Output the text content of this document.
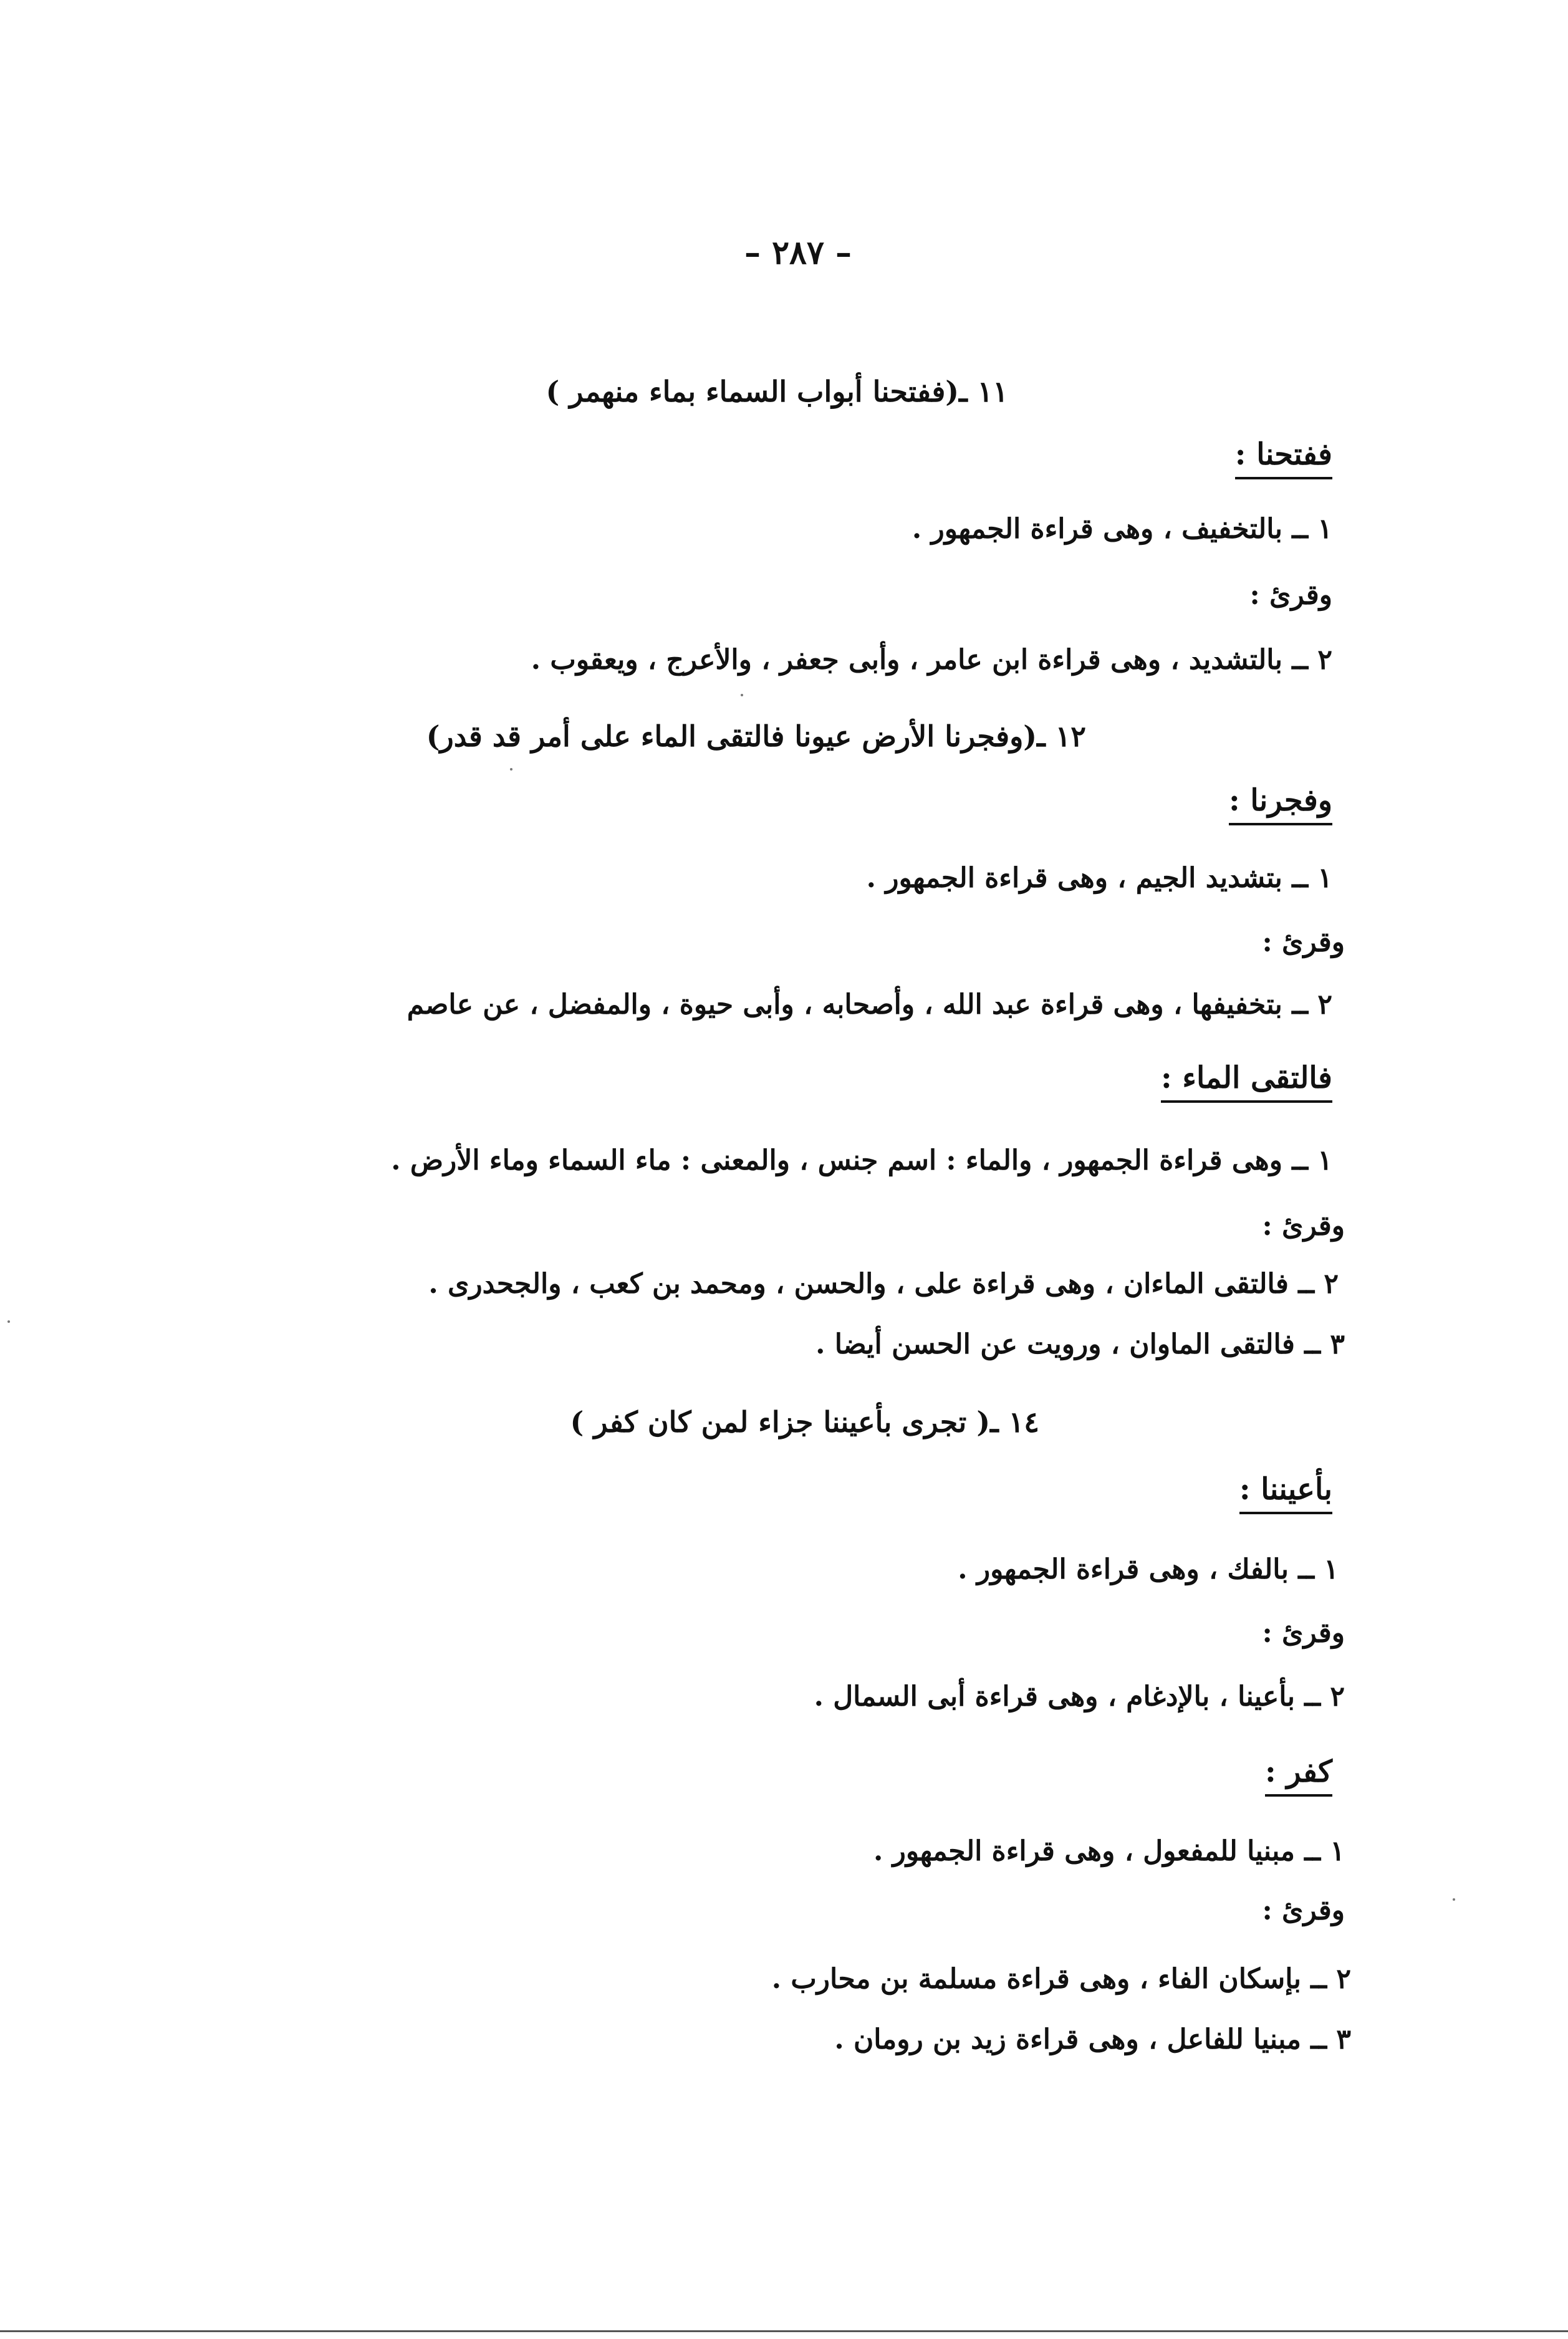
– ٢٨٧ –
١١ ـ(ففتحنا أبواب السماء بماء منهمر )
ففتحنا :
١ ــ بالتخفيف ، وهى قراءة الجمهور .
وقرئ :
٢ ــ بالتشديد ، وهى قراءة ابن عامر ، وأبى جعفر ، والأعرج ، ويعقوب .
١٢ ـ(وفجرنا الأرض عيونا فالتقى الماء على أمر قد قدر)
وفجرنا :
١ ــ بتشديد الجيم ، وهى قراءة الجمهور .
وقرئ :
٢ ــ بتخفيفها ، وهى قراءة عبد الله ، وأصحابه ، وأبى حيوة ، والمفضل ، عن عاصم
فالتقى الماء :
١ ــ وهى قراءة الجمهور ، والماء : اسم جنس ، والمعنى : ماء السماء وماء الأرض .
وقرئ :
٢ ــ فالتقى الماءان ، وهى قراءة على ، والحسن ، ومحمد بن كعب ، والجحدرى .
٣ ــ فالتقى الماوان ، ورويت عن الحسن أيضا .
١٤ ـ( تجرى بأعيننا جزاء لمن كان كفر )
بأعيننا :
١ ــ بالفك ، وهى قراءة الجمهور .
وقرئ :
٢ ــ بأعينا ، بالإدغام ، وهى قراءة أبى السمال .
كفر :
١ ــ مبنيا للمفعول ، وهى قراءة الجمهور .
وقرئ :
٢ ــ بإسكان الفاء ، وهى قراءة مسلمة بن محارب .
٣ ــ مبنيا للفاعل ، وهى قراءة زيد بن رومان .
